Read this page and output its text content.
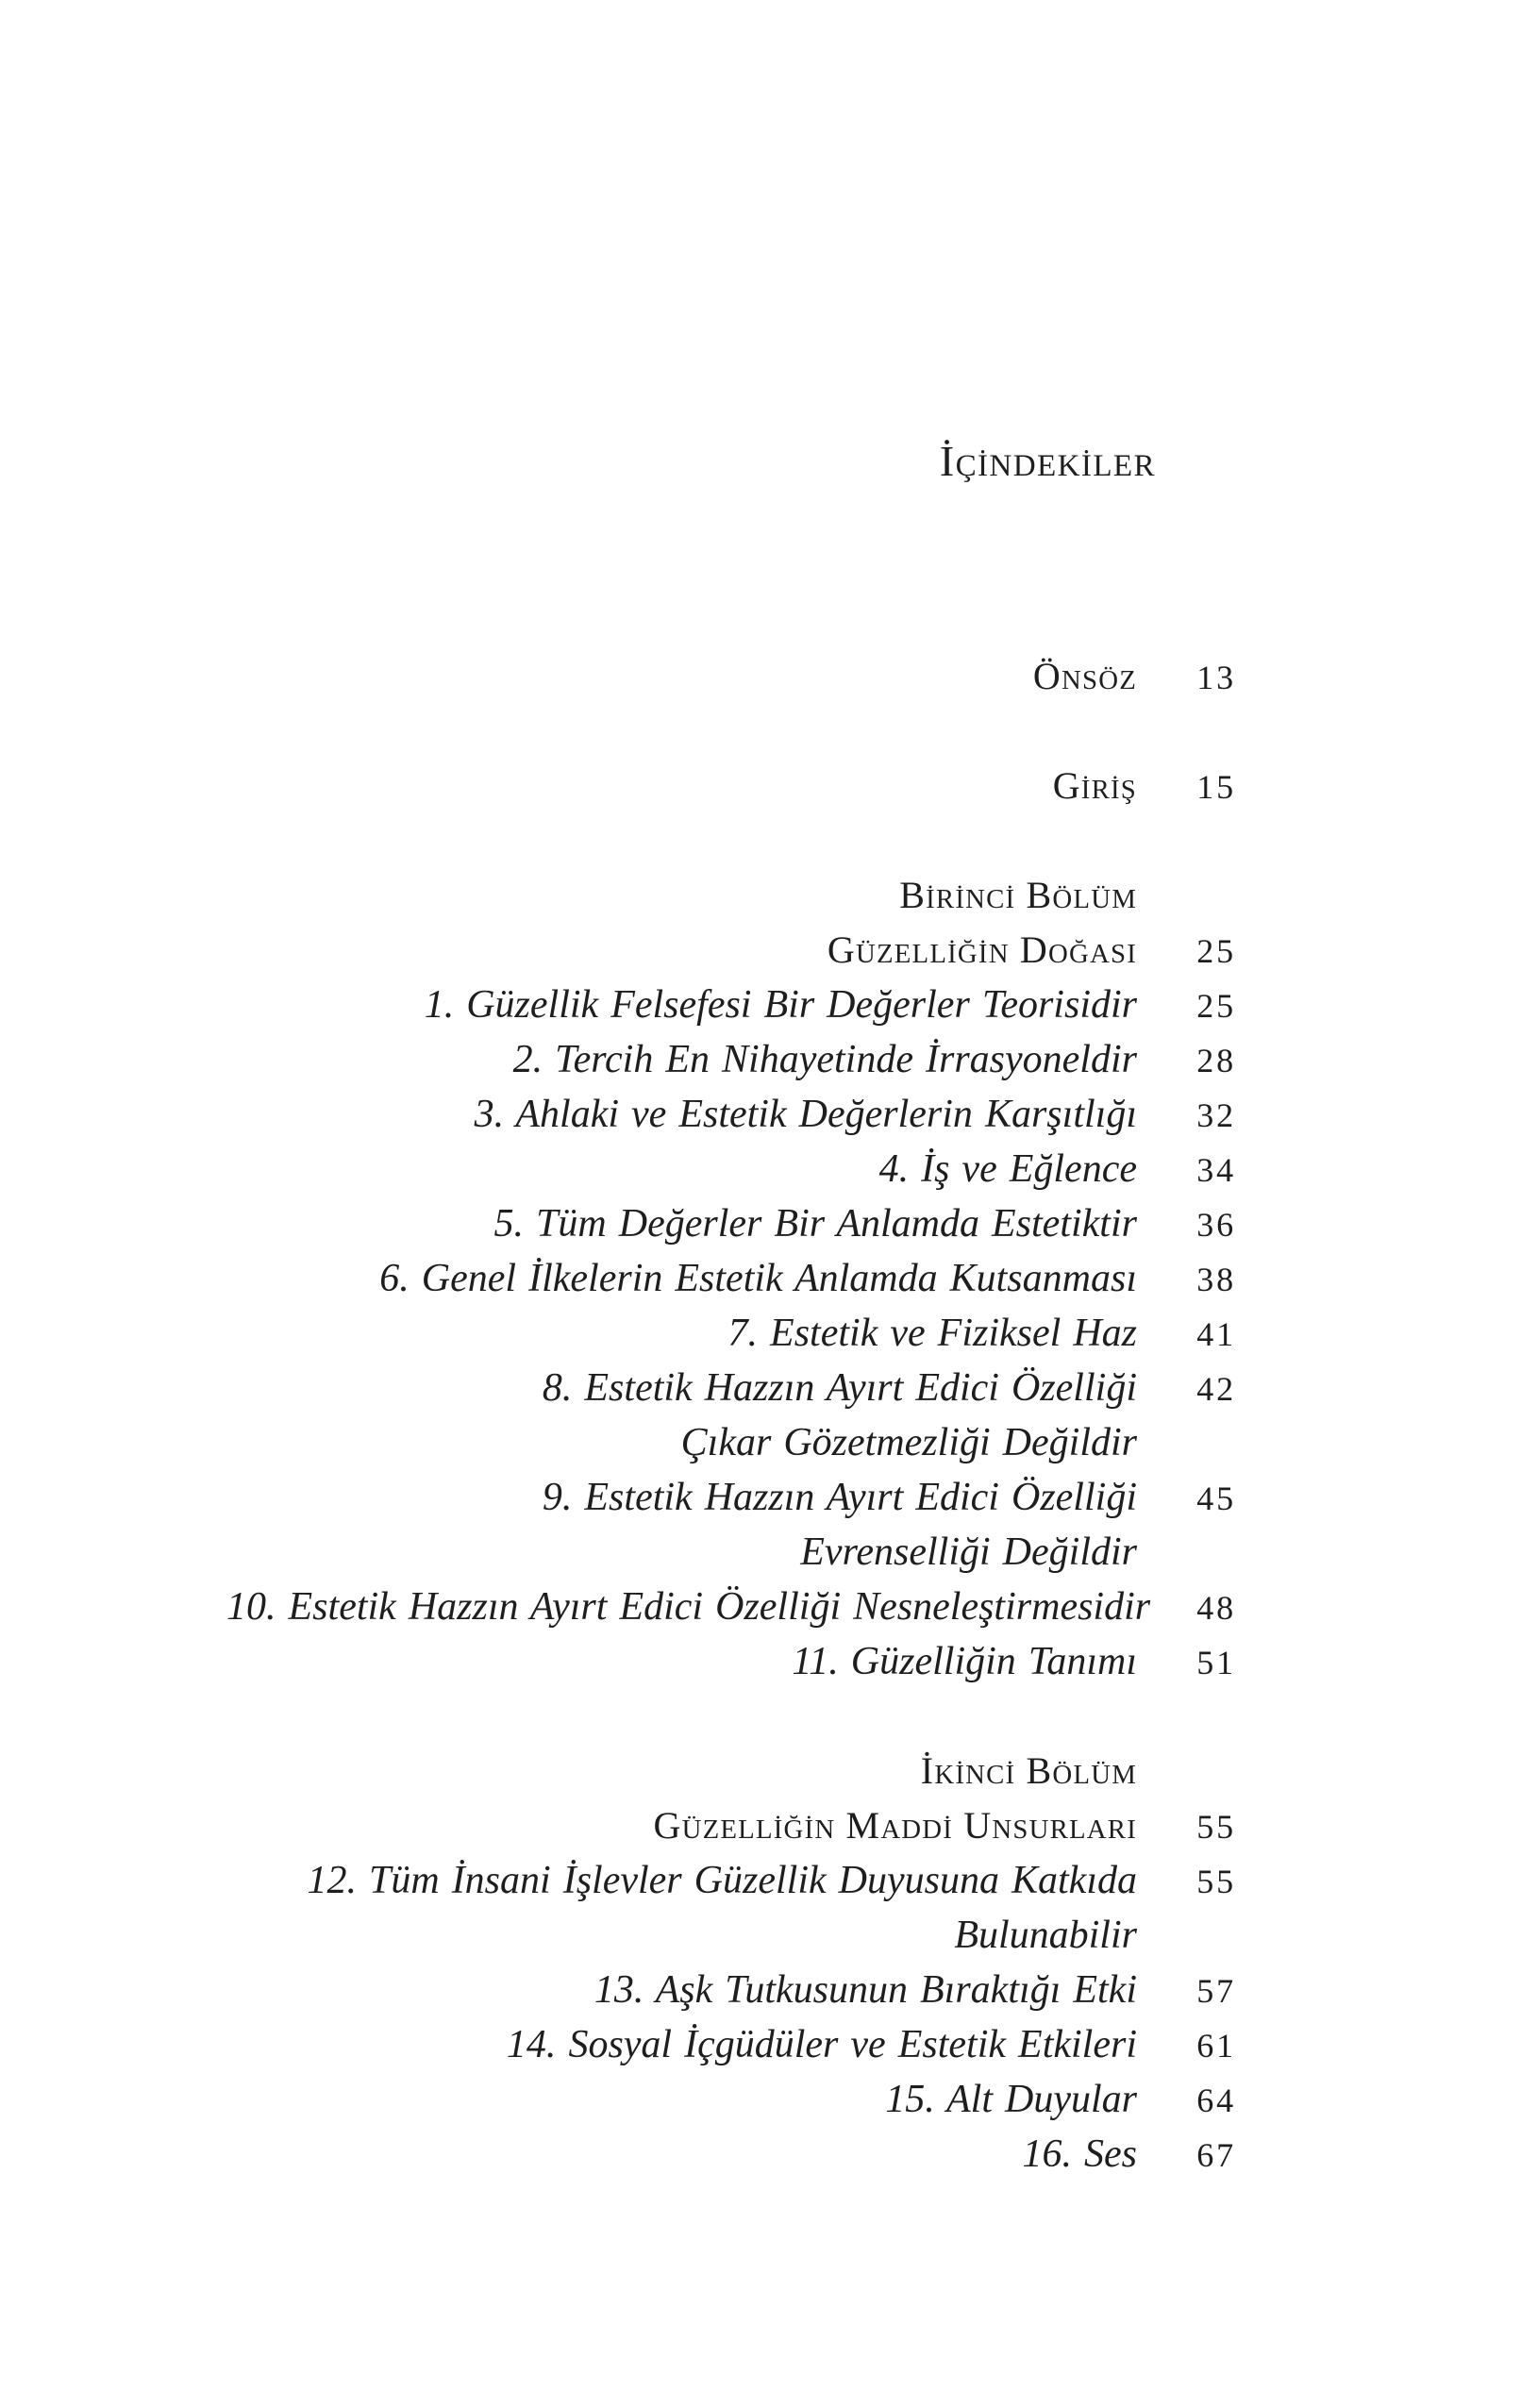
İÇİNDEKİLER
ÖNSÖZ	13
GİRİŞ	15
BİRİNCİ BÖLÜM
GÜZELLİĞİN DOĞASI	25
1. Güzellik Felsefesi Bir Değerler Teorisidir	25
2. Tercih En Nihayetinde İrrasyoneldir	28
3. Ahlaki ve Estetik Değerlerin Karşıtlığı	32
4. İş ve Eğlence	34
5. Tüm Değerler Bir Anlamda Estetiktir	36
6. Genel İlkelerin Estetik Anlamda Kutsanması	38
7. Estetik ve Fiziksel Haz	41
8. Estetik Hazzın Ayırt Edici Özelliği	42
Çıkar Gözetmezliği Değildir
9. Estetik Hazzın Ayırt Edici Özelliği	45
Evrenselliği Değildir
10. Estetik Hazzın Ayırt Edici Özelliği Nesneleştirmesidir	48
11. Güzelliğin Tanımı	51
İKİNCİ BÖLÜM
GÜZELLİĞİN MADDİ UNSURLARI	55
12. Tüm İnsani İşlevler Güzellik Duyusuna Katkıda	55
Bulunabilir
13. Aşk Tutkusunun Bıraktığı Etki	57
14. Sosyal İçgüdüler ve Estetik Etkileri	61
15. Alt Duyular	64
16. Ses	67
